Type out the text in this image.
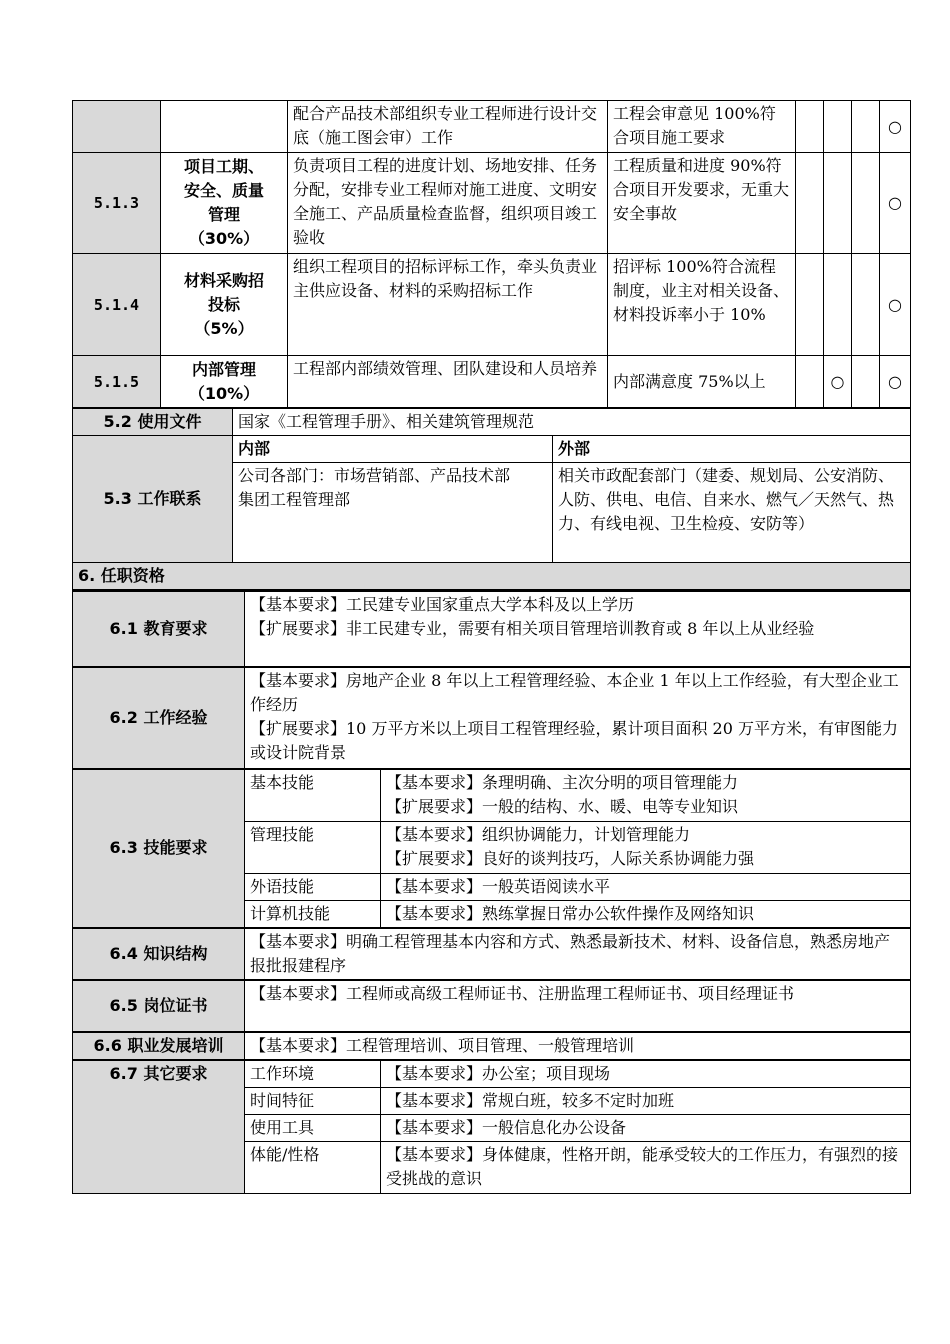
		配合产品技术部组织专业工程师进行设计交底（施工图会审）工作	工程会审意见 100%符合项目施工要求				○
5.1.3	项目工期、
安全、质量
管理
（30%）	负责项目工程的进度计划、场地安排、任务分配，安排专业工程师对施工进度、文明安全施工、产品质量检查监督，组织项目竣工验收	工程质量和进度 90%符合项目开发要求，无重大安全事故				○
5.1.4	材料采购招
投标
（5%）	组织工程项目的招标评标工作，牵头负责业主供应设备、材料的采购招标工作	招评标 100%符合流程制度，业主对相关设备、材料投诉率小于 10%				○
5.1.5	内部管理
（10%）	工程部内部绩效管理、团队建设和人员培养	内部满意度 75%以上		○		○
5.2 使用文件	国家《工程管理手册》、相关建筑管理规范	
5.3 工作联系	内部	外部

	公司各部门：市场营销部、产品技术部
集团工程管理部	相关市政配套部门（建委、规划局、公安消防、人防、供电、电信、自来水、燃气／天然气、热力、有线电视、卫生检疫、安防等）
6. 任职资格		
6.1 教育要求	【基本要求】工民建专业国家重点大学本科及以上学历
【扩展要求】非工民建专业，需要有相关项目管理培训教育或 8 年以上从业经验	

6.2 工作经验	【基本要求】房地产企业 8 年以上工程管理经验、本企业 1 年以上工作经验，有大型企业工作经历
【扩展要求】10 万平方米以上项目工程管理经验，累计项目面积 20 万平方米，有审图能力或设计院背景	

6.3 技能要求	基本技能	【基本要求】条理明确、主次分明的项目管理能力
【扩展要求】一般的结构、水、暖、电等专业知识

	管理技能	【基本要求】组织协调能力，计划管理能力
【扩展要求】良好的谈判技巧，人际关系协调能力强

	外语技能	【基本要求】一般英语阅读水平
	计算机技能	【基本要求】熟练掌握日常办公软件操作及网络知识
6.4 知识结构	【基本要求】明确工程管理基本内容和方式、熟悉最新技术、材料、设备信息，熟悉房地产报批报建程序	
6.5 岗位证书	【基本要求】工程师或高级工程师证书、注册监理工程师证书、项目经理证书	
6.6 职业发展培训	【基本要求】工程管理培训、项目管理、一般管理培训	
6.7 其它要求	工作环境	【基本要求】办公室；项目现场
	时间特征	【基本要求】常规白班，较多不定时加班
	使用工具	【基本要求】一般信息化办公设备
	体能/性格	【基本要求】身体健康，性格开朗，能承受较大的工作压力，有强烈的接受挑战的意识
